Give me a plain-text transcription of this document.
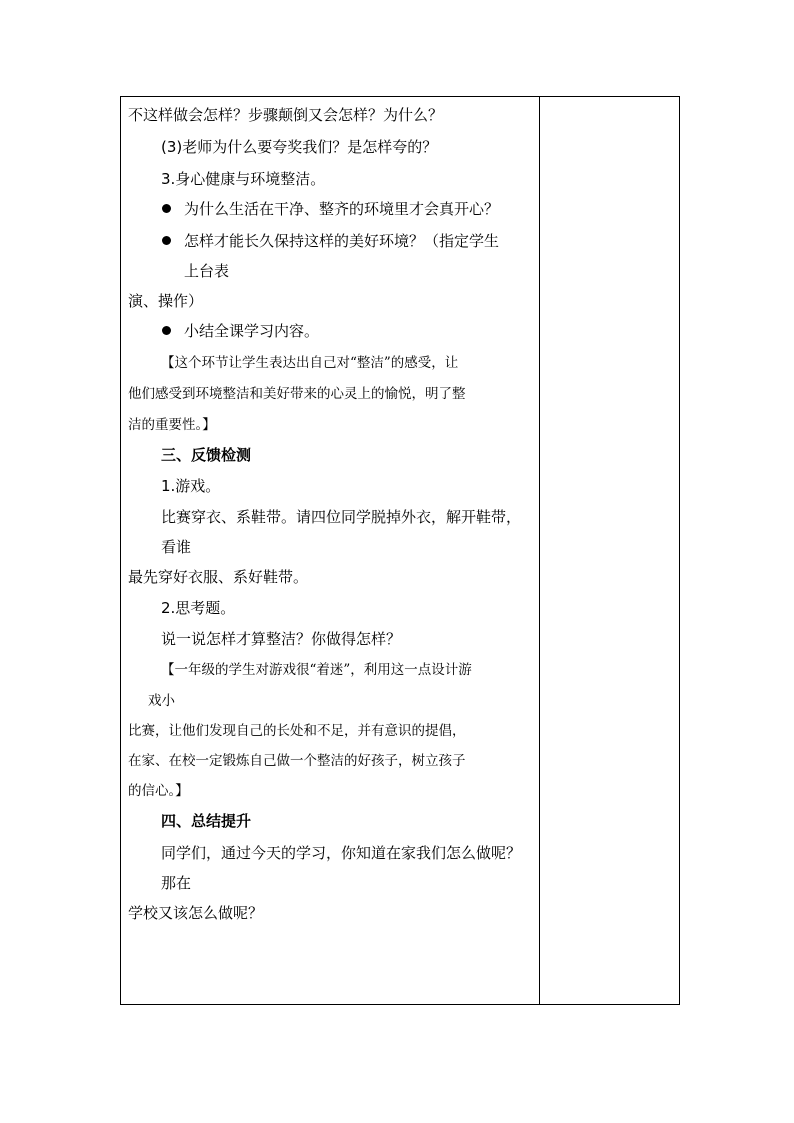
不这样做会怎样？步骤颠倒又会怎样？为什么？
(3)老师为什么要夸奖我们？是怎样夸的？
3.身心健康与环境整洁。
为什么生活在干净、整齐的环境里才会真开心？
怎样才能长久保持这样的美好环境？（指定学生
上台表
演、操作）
小结全课学习内容。
【这个环节让学生表达出自己对“整洁”的感受，让
他们感受到环境整洁和美好带来的心灵上的愉悦，明了整
洁的重要性。】
三、反馈检测
1.游戏。
比赛穿衣、系鞋带。请四位同学脱掉外衣，解开鞋带，
看谁
最先穿好衣服、系好鞋带。
2.思考题。
说一说怎样才算整洁？你做得怎样？
【一年级的学生对游戏很“着迷”，利用这一点设计游
戏小
比赛，让他们发现自己的长处和不足，并有意识的提倡，
在家、在校一定锻炼自己做一个整洁的好孩子，树立孩子
的信心。】
四、总结提升
同学们，通过今天的学习，你知道在家我们怎么做呢？
那在
学校又该怎么做呢？
